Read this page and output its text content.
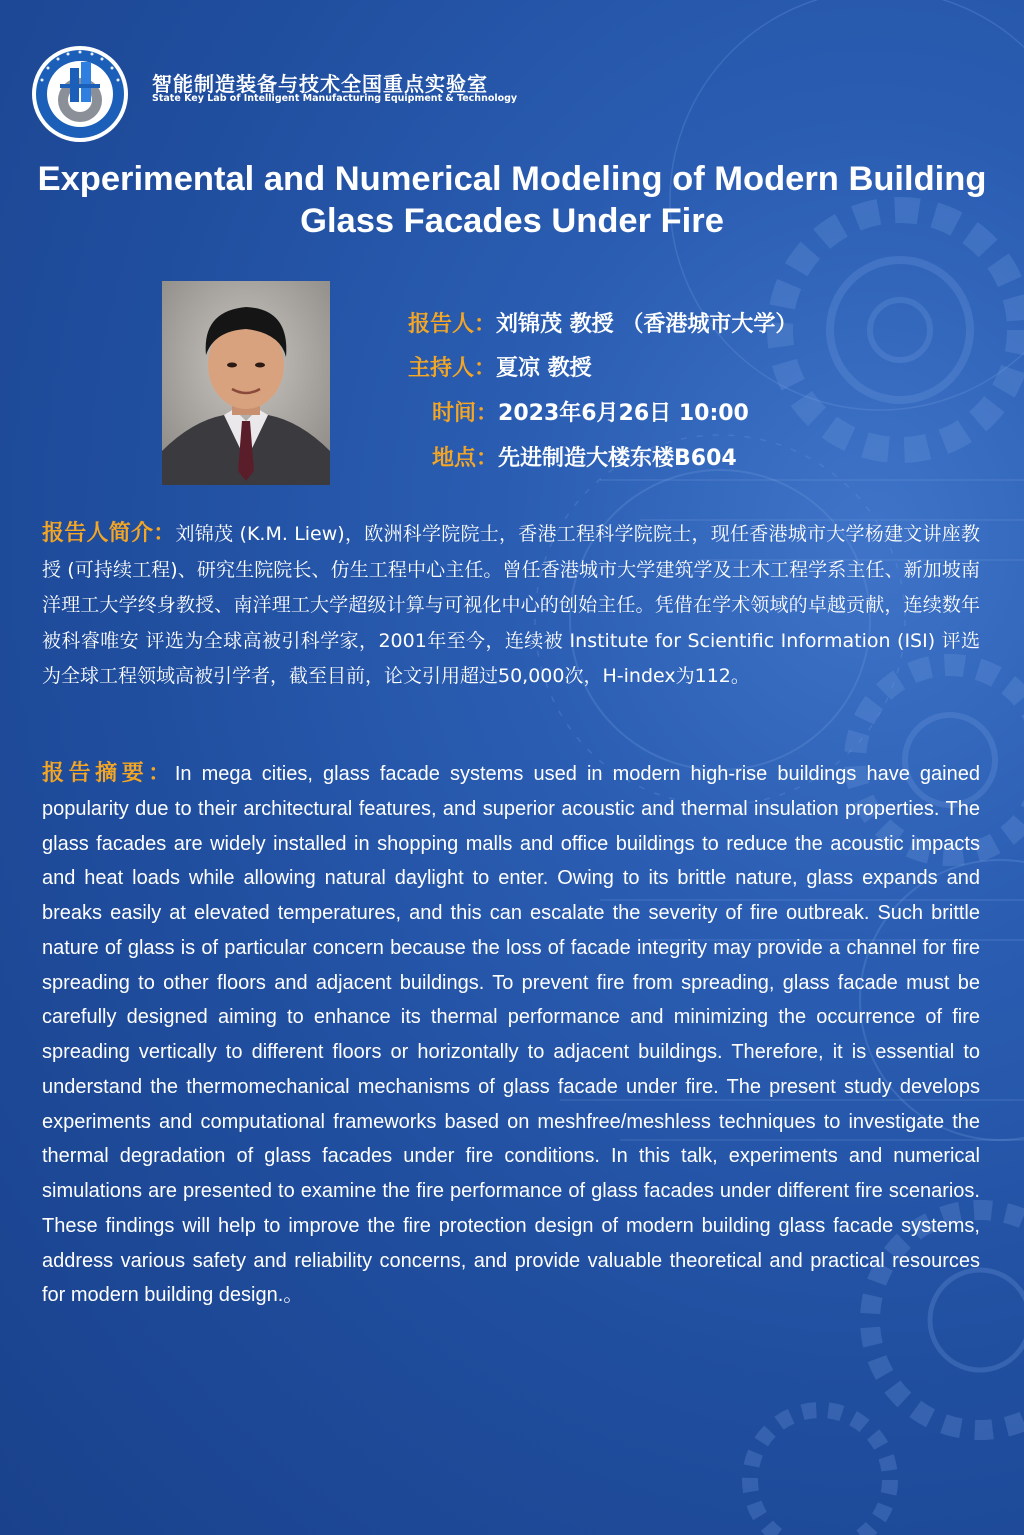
智能制造装备与技术全国重点实验室
State Key Lab of Intelligent Manufacturing Equipment & Technology
Experimental and Numerical Modeling of Modern Building Glass Facades Under Fire
报告人：刘锦茂 教授 （香港城市大学）
主持人：夏凉 教授
时间：2023年6月26日 10:00
地点：先进制造大楼东楼B604

报告人简介：刘锦茂 (K.M. Liew)，欧洲科学院院士，香港工程科学院院士，现任香港城市大学杨建文讲座教授 (可持续工程)、研究生院院长、仿生工程中心主任。曾任香港城市大学建筑学及土木工程学系主任、新加坡南洋理工大学终身教授、南洋理工大学超级计算与可视化中心的创始主任。凭借在学术领域的卓越贡献，连续数年被科睿唯安 评选为全球高被引科学家，2001年至今，连续被 Institute for Scientific Information (ISI) 评选为全球工程领域高被引学者，截至目前，论文引用超过50,000次，H-index为112。

报告摘要：In mega cities, glass facade systems used in modern high-rise buildings have gained popularity due to their architectural features, and superior acoustic and thermal insulation properties. The glass facades are widely installed in shopping malls and office buildings to reduce the acoustic impacts and heat loads while allowing natural daylight to enter. Owing to its brittle nature, glass expands and breaks easily at elevated temperatures, and this can escalate the severity of fire outbreak. Such brittle nature of glass is of particular concern because the loss of facade integrity may provide a channel for fire spreading to other floors and adjacent buildings. To prevent fire from spreading, glass facade must be carefully designed aiming to enhance its thermal performance and minimizing the occurrence of fire spreading vertically to different floors or horizontally to adjacent buildings. Therefore, it is essential to understand the thermomechanical mechanisms of glass facade under fire. The present study develops experiments and computational frameworks based on meshfree/meshless techniques to investigate the thermal degradation of glass facades under fire conditions. In this talk, experiments and numerical simulations are presented to examine the fire performance of glass facades under different fire scenarios. These findings will help to improve the fire protection design of modern building glass facade systems, address various safety and reliability concerns, and provide valuable theoretical and practical resources for modern building design.。
